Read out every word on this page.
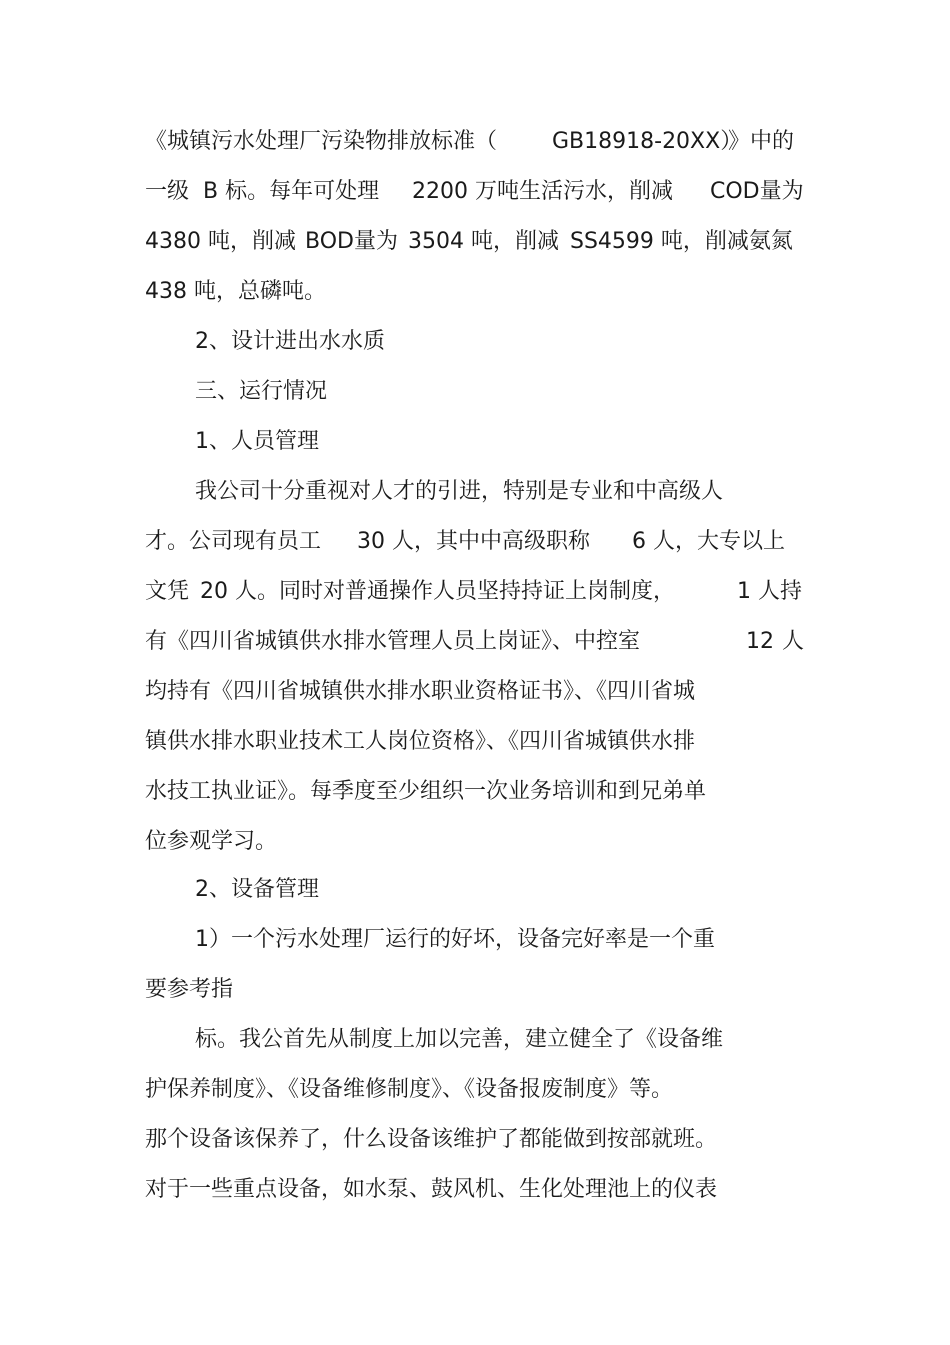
《城镇污水处理厂污染物排放标准（

GB18918-20XX）

》中的

一级

B 标。每年可处理

2200 万吨生活污水，削减

COD量为

4380 吨，削减

BOD量为

3504 吨，削减

SS4599 吨，削减氨氮

438 吨，总磷吨。

2、设计进出水水质

三、运行情况

1、人员管理

我公司十分重视对人才的引进，特别是专业和中高级人

才。公司现有员工

30 人，其中中高级职称

6 人，大专以上

文凭

20 人。同时对普通操作人员坚持持证上岗制度，

	1 人持

有《四川省城镇供水排水管理人员上岗证》、中控室

	12

人

均持有《四川省城镇供水排水职业资格证书》、《四川省城

镇供水排水职业技术工人岗位资格》、《四川省城镇供水排

水技工执业证》。每季度至少组织一次业务培训和到兄弟单

位参观学习。

2、设备管理

1）一个污水处理厂运行的好坏，设备完好率是一个重

要参考指

标。我公首先从制度上加以完善，建立健全了《设备维

护保养制度》、《设备维修制度》、《设备报废制度》等。

那个设备该保养了，什么设备该维护了都能做到按部就班。

对于一些重点设备，如水泵、鼓风机、生化处理池上的仪表
